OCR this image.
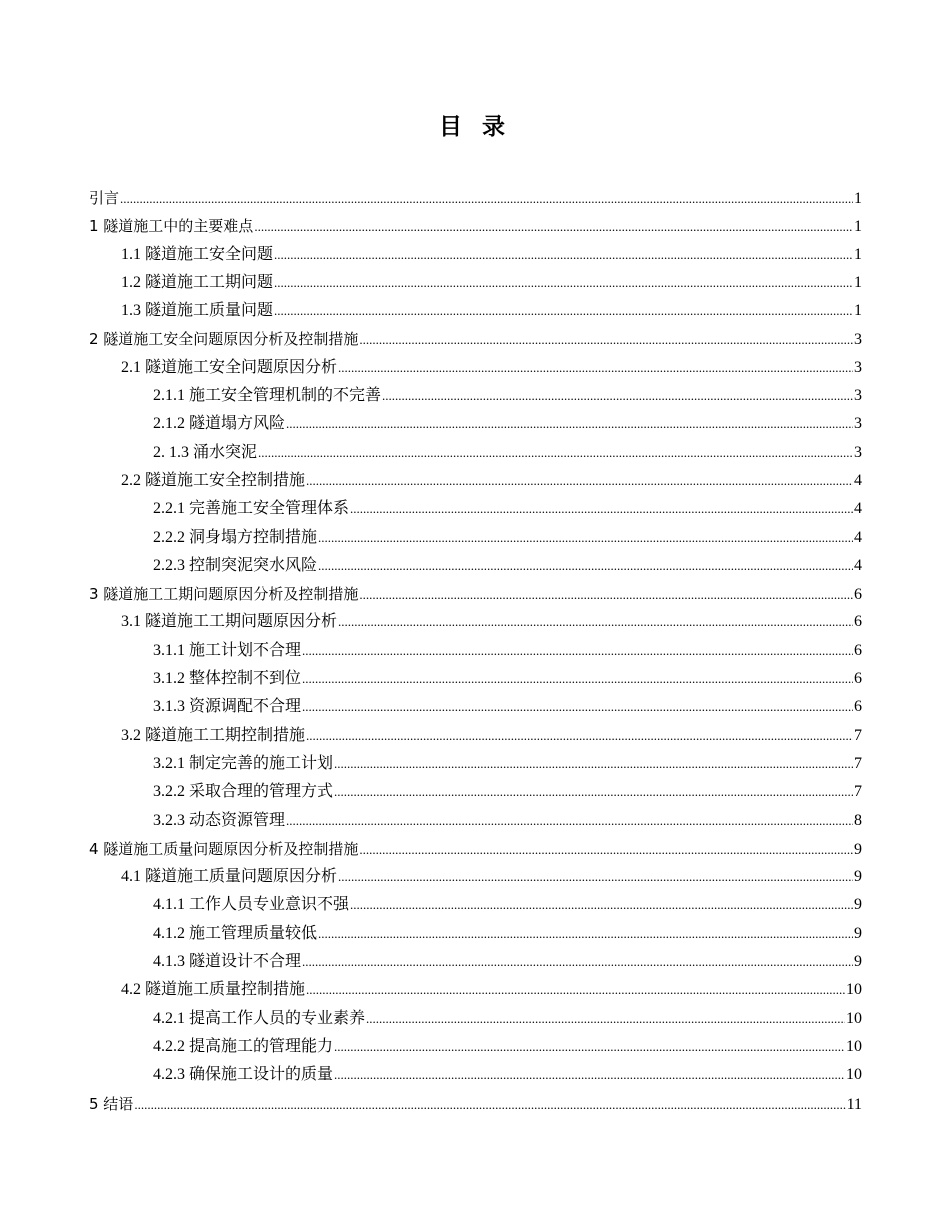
目 录
引言 .....	1
1 隧道施工中的主要难点 .....	1
1.1 隧道施工安全问题 .....	1
1.2 隧道施工工期问题 .....	1
1.3 隧道施工质量问题 .....	1
2 隧道施工安全问题原因分析及控制措施 .....	3
2.1 隧道施工安全问题原因分析 .....	3
2.1.1 施工安全管理机制的不完善 .....	3
2.1.2 隧道塌方风险 .....	3
2. 1.3 涌水突泥 .....	3
2.2 隧道施工安全控制措施 .....	4
2.2.1 完善施工安全管理体系 .....	4
2.2.2 洞身塌方控制措施 .....	4
2.2.3 控制突泥突水风险 .....	4
3 隧道施工工期问题原因分析及控制措施 .....	6
3.1 隧道施工工期问题原因分析 .....	6
3.1.1 施工计划不合理 .....	6
3.1.2 整体控制不到位 .....	6
3.1.3 资源调配不合理 .....	6
3.2 隧道施工工期控制措施 .....	7
3.2.1 制定完善的施工计划 .....	7
3.2.2 采取合理的管理方式 .....	7
3.2.3 动态资源管理 .....	8
4 隧道施工质量问题原因分析及控制措施 .....	9
4.1 隧道施工质量问题原因分析 .....	9
4.1.1 工作人员专业意识不强 .....	9
4.1.2 施工管理质量较低 .....	9
4.1.3 隧道设计不合理 .....	9
4.2 隧道施工质量控制措施 .....	10
4.2.1 提高工作人员的专业素养 .....	10
4.2.2 提高施工的管理能力 .....	10
4.2.3 确保施工设计的质量 .....	10
5 结语 .....	11
